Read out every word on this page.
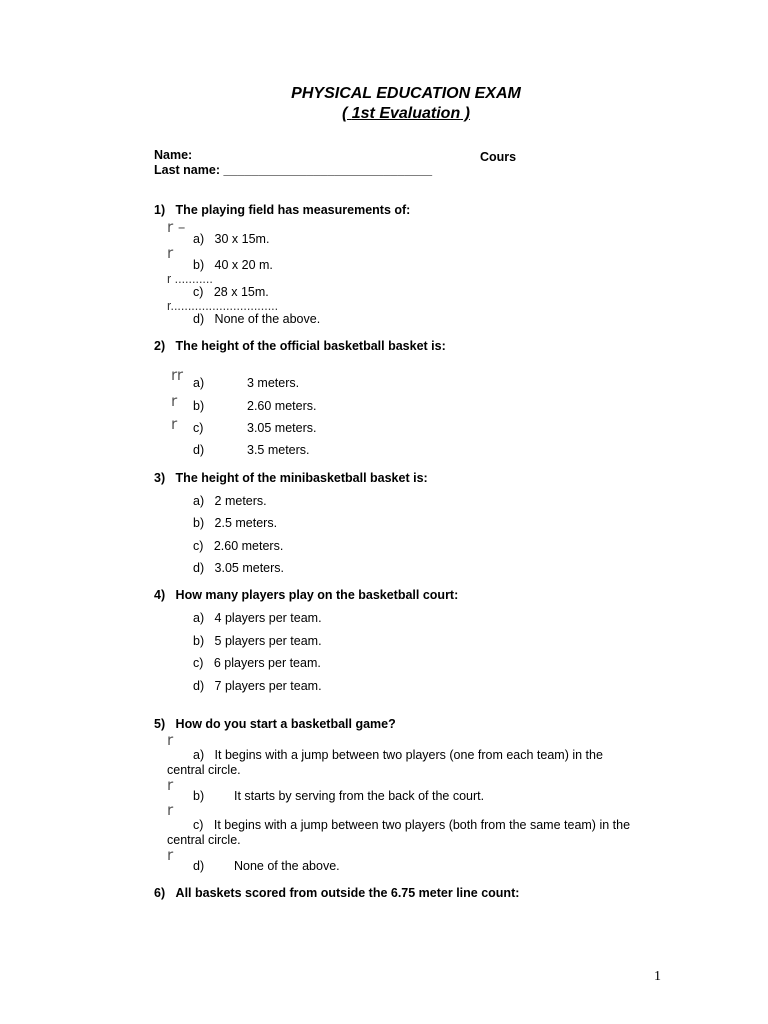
PHYSICAL EDUCATION EXAM
( 1st Evaluation )
Name:	Cours
Last name: ______________________________
1) The playing field has measurements of:
r –
a) 30 x 15m.
r
b) 40 x 20 m.
r ...........
c) 28 x 15m.
r...............................
d) None of the above.
2) The height of the official basketball basket is:
rr
r
r
a)	3 meters.
b)	2.60 meters.
c)	3.05 meters.
d)	3.5 meters.
3) The height of the minibasketball basket is:
a) 2 meters.
b) 2.5 meters.
c) 2.60 meters.
d) 3.05 meters.
4) How many players play on the basketball court:
a) 4 players per team.
b) 5 players per team.
c) 6 players per team.
d) 7 players per team.
5) How do you start a basketball game?
r
a) It begins with a jump between two players (one from each team) in the
central circle.
r
b) It starts by serving from the back of the court.
r
c) It begins with a jump between two players (both from the same team) in the
central circle.
r
d) None of the above.
6) All baskets scored from outside the 6.75 meter line count:
1
